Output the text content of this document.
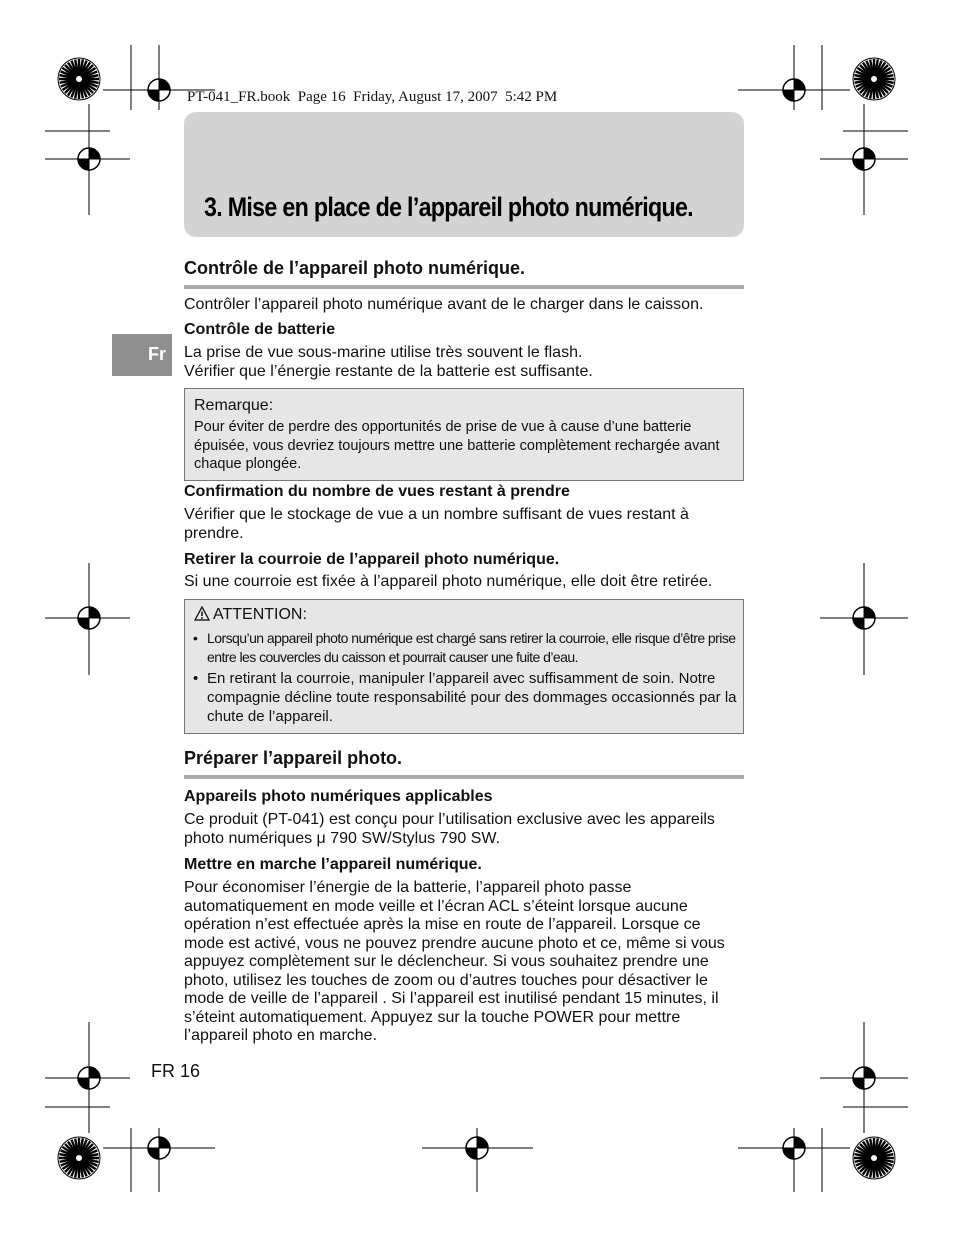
PT-041_FR.book  Page 16  Friday, August 17, 2007  5:42 PM
3. Mise en place de l’appareil photo numérique.
Fr
Contrôle de l’appareil photo numérique.
Contrôler l’appareil photo numérique avant de le charger dans le caisson.
Contrôle de batterie
La prise de vue sous-marine utilise très souvent le flash.
Vérifier que l’énergie restante de la batterie est suffisante.
Remarque:
Pour éviter de perdre des opportunités de prise de vue à cause d’une batterie épuisée, vous devriez toujours mettre une batterie complètement rechargée avant chaque plongée.
Confirmation du nombre de vues restant à prendre
Vérifier que le stockage de vue a un nombre suffisant de vues restant à prendre.
Retirer la courroie de l’appareil photo numérique.
Si une courroie est fixée à l’appareil photo numérique, elle doit être retirée.
ATTENTION:
• Lorsqu’un appareil photo numérique est chargé sans retirer la courroie, elle risque d’être prise entre les couvercles du caisson et pourrait causer une fuite d’eau.
• En retirant la courroie, manipuler l’appareil avec suffisamment de soin. Notre compagnie décline toute responsabilité pour des dommages occasionnés par la chute de l’appareil.
Préparer l’appareil photo.
Appareils photo numériques applicables
Ce produit (PT-041) est conçu pour l’utilisation exclusive avec les appareils photo numériques μ 790 SW/Stylus 790 SW.
Mettre en marche l’appareil numérique.
Pour économiser l’énergie de la batterie, l’appareil photo passe automatiquement en mode veille et l’écran ACL s’éteint lorsque aucune opération n’est effectuée après la mise en route de l’appareil. Lorsque ce mode est activé, vous ne pouvez prendre aucune photo et ce, même si vous appuyez complètement sur le déclencheur. Si vous souhaitez prendre une photo, utilisez les touches de zoom ou d’autres touches pour désactiver le mode de veille de l’appareil . Si l’appareil est inutilisé pendant 15 minutes, il s’éteint automatiquement. Appuyez sur la touche POWER pour mettre l’appareil photo en marche.
FR 16
